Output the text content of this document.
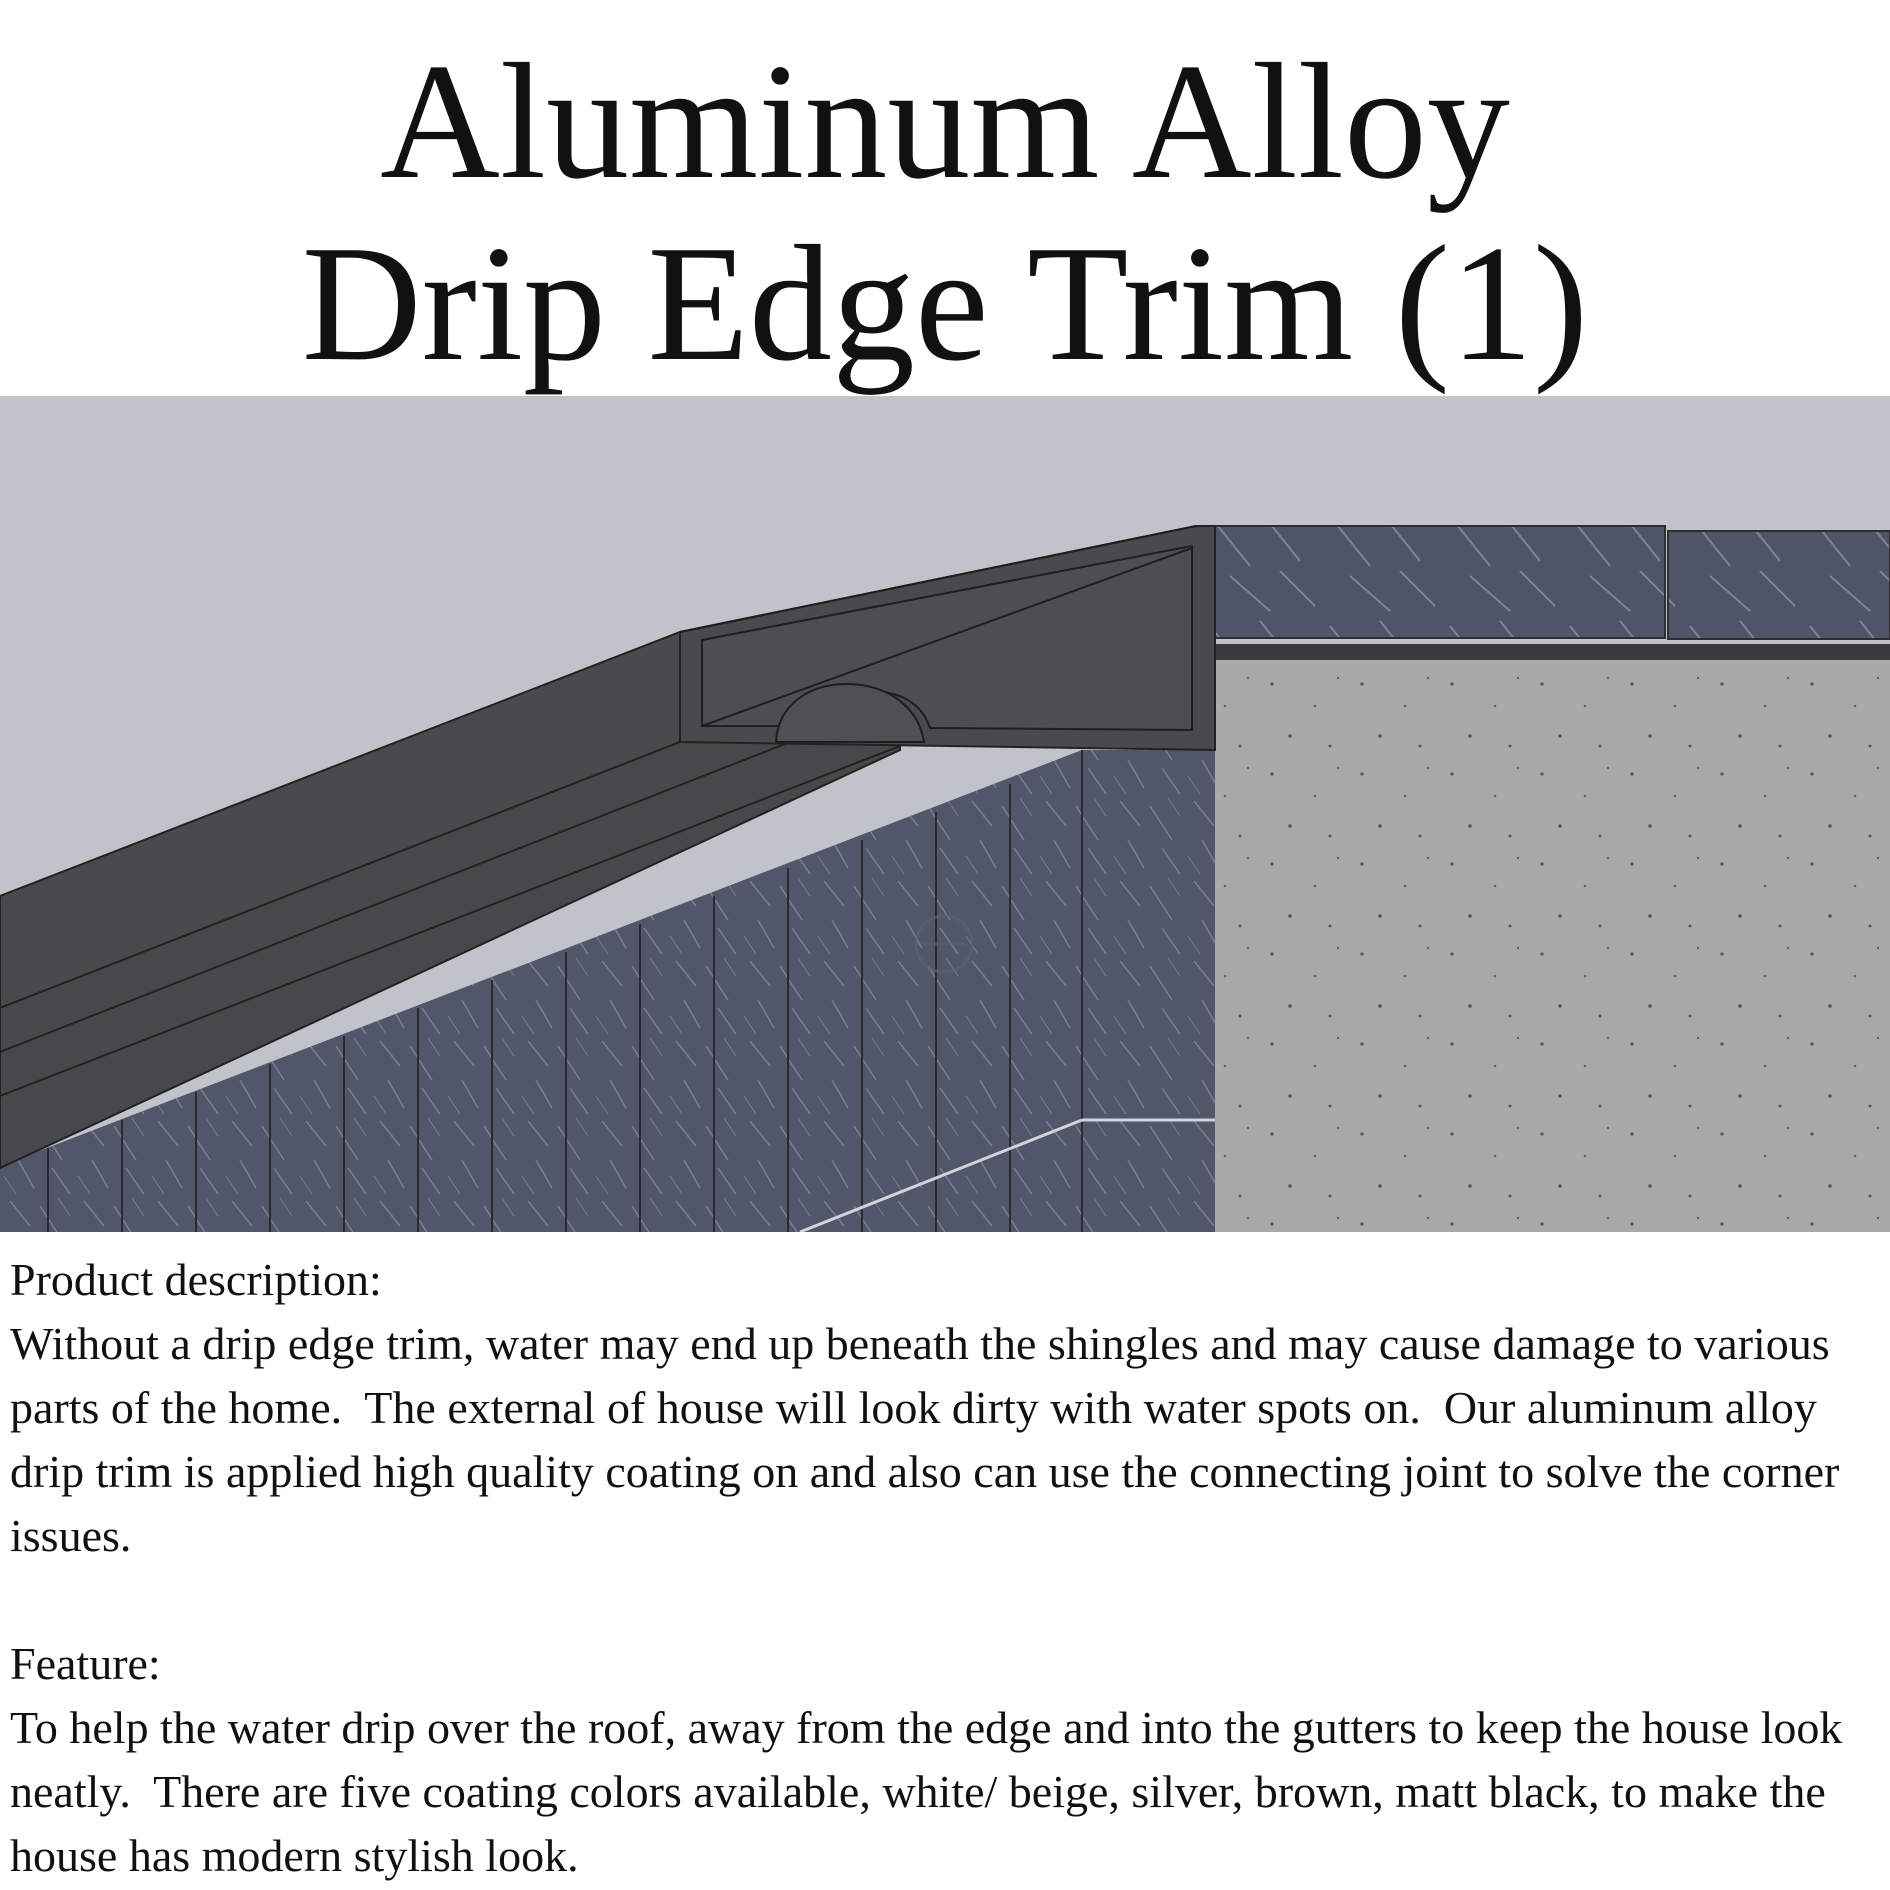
Aluminum Alloy
Drip Edge Trim (1)

Product description:

Without a drip edge trim, water may end up beneath the shingles and may cause damage to various parts of the home.  The external of house will look dirty with water spots on.  Our aluminum alloy drip trim is applied high quality coating on and also can use the connecting joint to solve the corner issues.

Feature:

To help the water drip over the roof, away from the edge and into the gutters to keep the house look neatly.  There are five coating colors available, white/ beige, silver, brown, matt black, to make the house has modern stylish look.
